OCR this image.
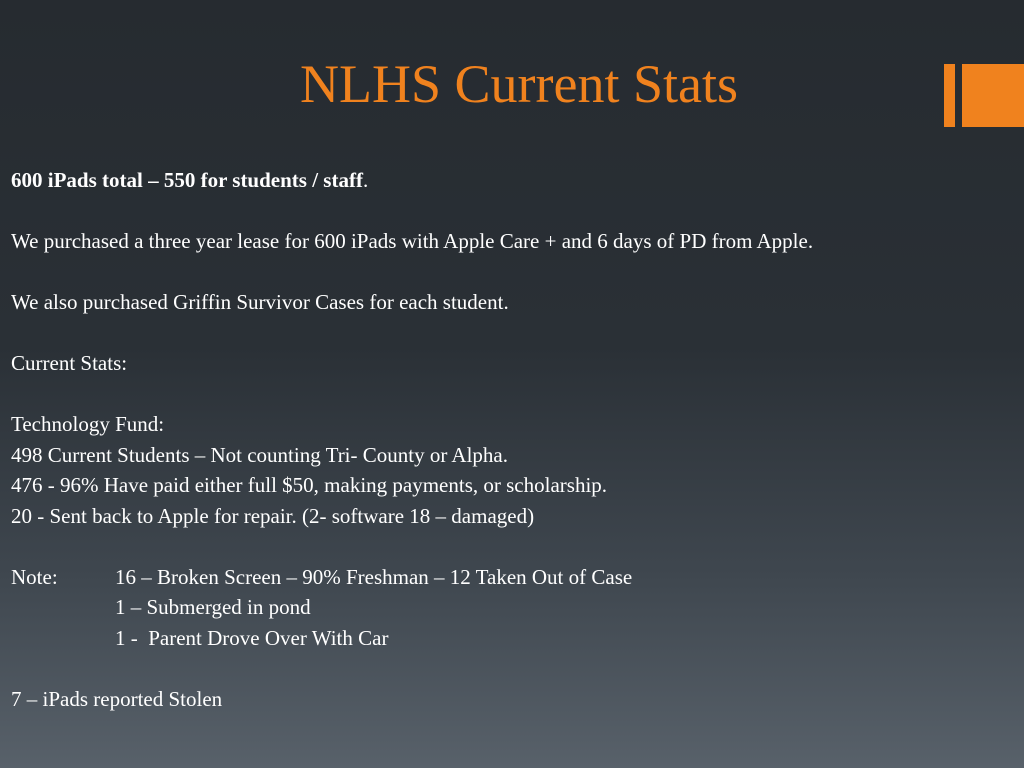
NLHS Current Stats
600 iPads total – 550 for students / staff.
We purchased a three year lease for 600 iPads with Apple Care + and 6 days of PD from Apple.
We also purchased Griffin Survivor Cases for each student.
Current Stats:
Technology Fund:
498 Current Students – Not counting Tri- County or Alpha.
476 - 96% Have paid either full $50, making payments, or scholarship.
20 - Sent back to Apple for repair. (2- software 18 – damaged)
Note:	16 – Broken Screen – 90% Freshman – 12 Taken Out of Case
1 – Submerged in pond
1 -  Parent Drove Over With Car
7 – iPads reported Stolen
